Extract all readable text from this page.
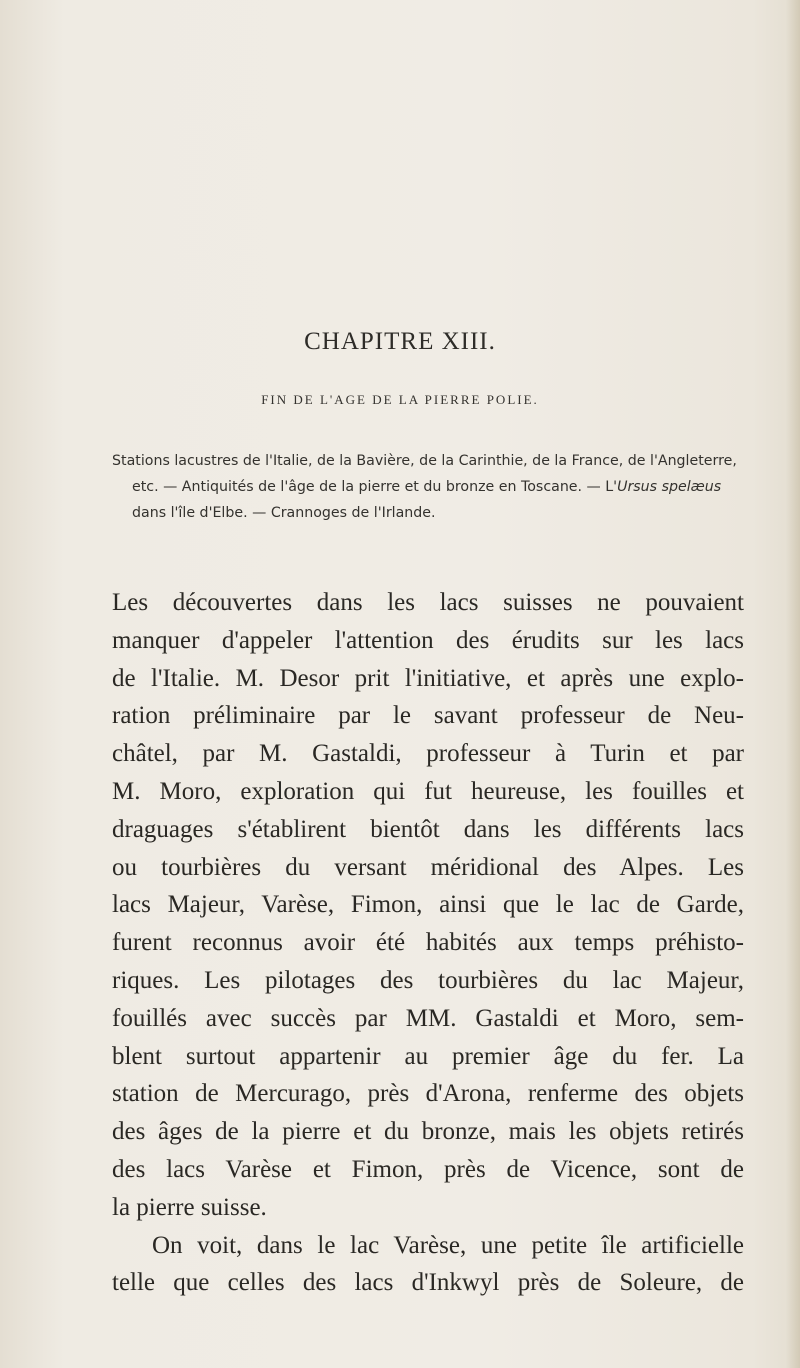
CHAPITRE XIII.
FIN DE L'AGE DE LA PIERRE POLIE.

Stations lacustres de l'Italie, de la Bavière, de la Carinthie, de la France, de l'Angleterre, etc. — Antiquités de l'âge de la pierre et du bronze en Toscane. — L'Ursus spelæus dans l'île d'Elbe. — Crannoges de l'Irlande.

Les découvertes dans les lacs suisses ne pouvaient
manquer d'appeler l'attention des érudits sur les lacs
de l'Italie. M. Desor prit l'initiative, et après une explo-
ration préliminaire par le savant professeur de Neu-
châtel, par M. Gastaldi, professeur à Turin et par
M. Moro, exploration qui fut heureuse, les fouilles et
draguages s'établirent bientôt dans les différents lacs
ou tourbières du versant méridional des Alpes. Les
lacs Majeur, Varèse, Fimon, ainsi que le lac de Garde,
furent reconnus avoir été habités aux temps préhisto-
riques. Les pilotages des tourbières du lac Majeur,
fouillés avec succès par MM. Gastaldi et Moro, sem-
blent surtout appartenir au premier âge du fer. La
station de Mercurago, près d'Arona, renferme des objets
des âges de la pierre et du bronze, mais les objets retirés
des lacs Varèse et Fimon, près de Vicence, sont de
la pierre suisse.
On voit, dans le lac Varèse, une petite île artificielle
telle que celles des lacs d'Inkwyl près de Soleure, de
